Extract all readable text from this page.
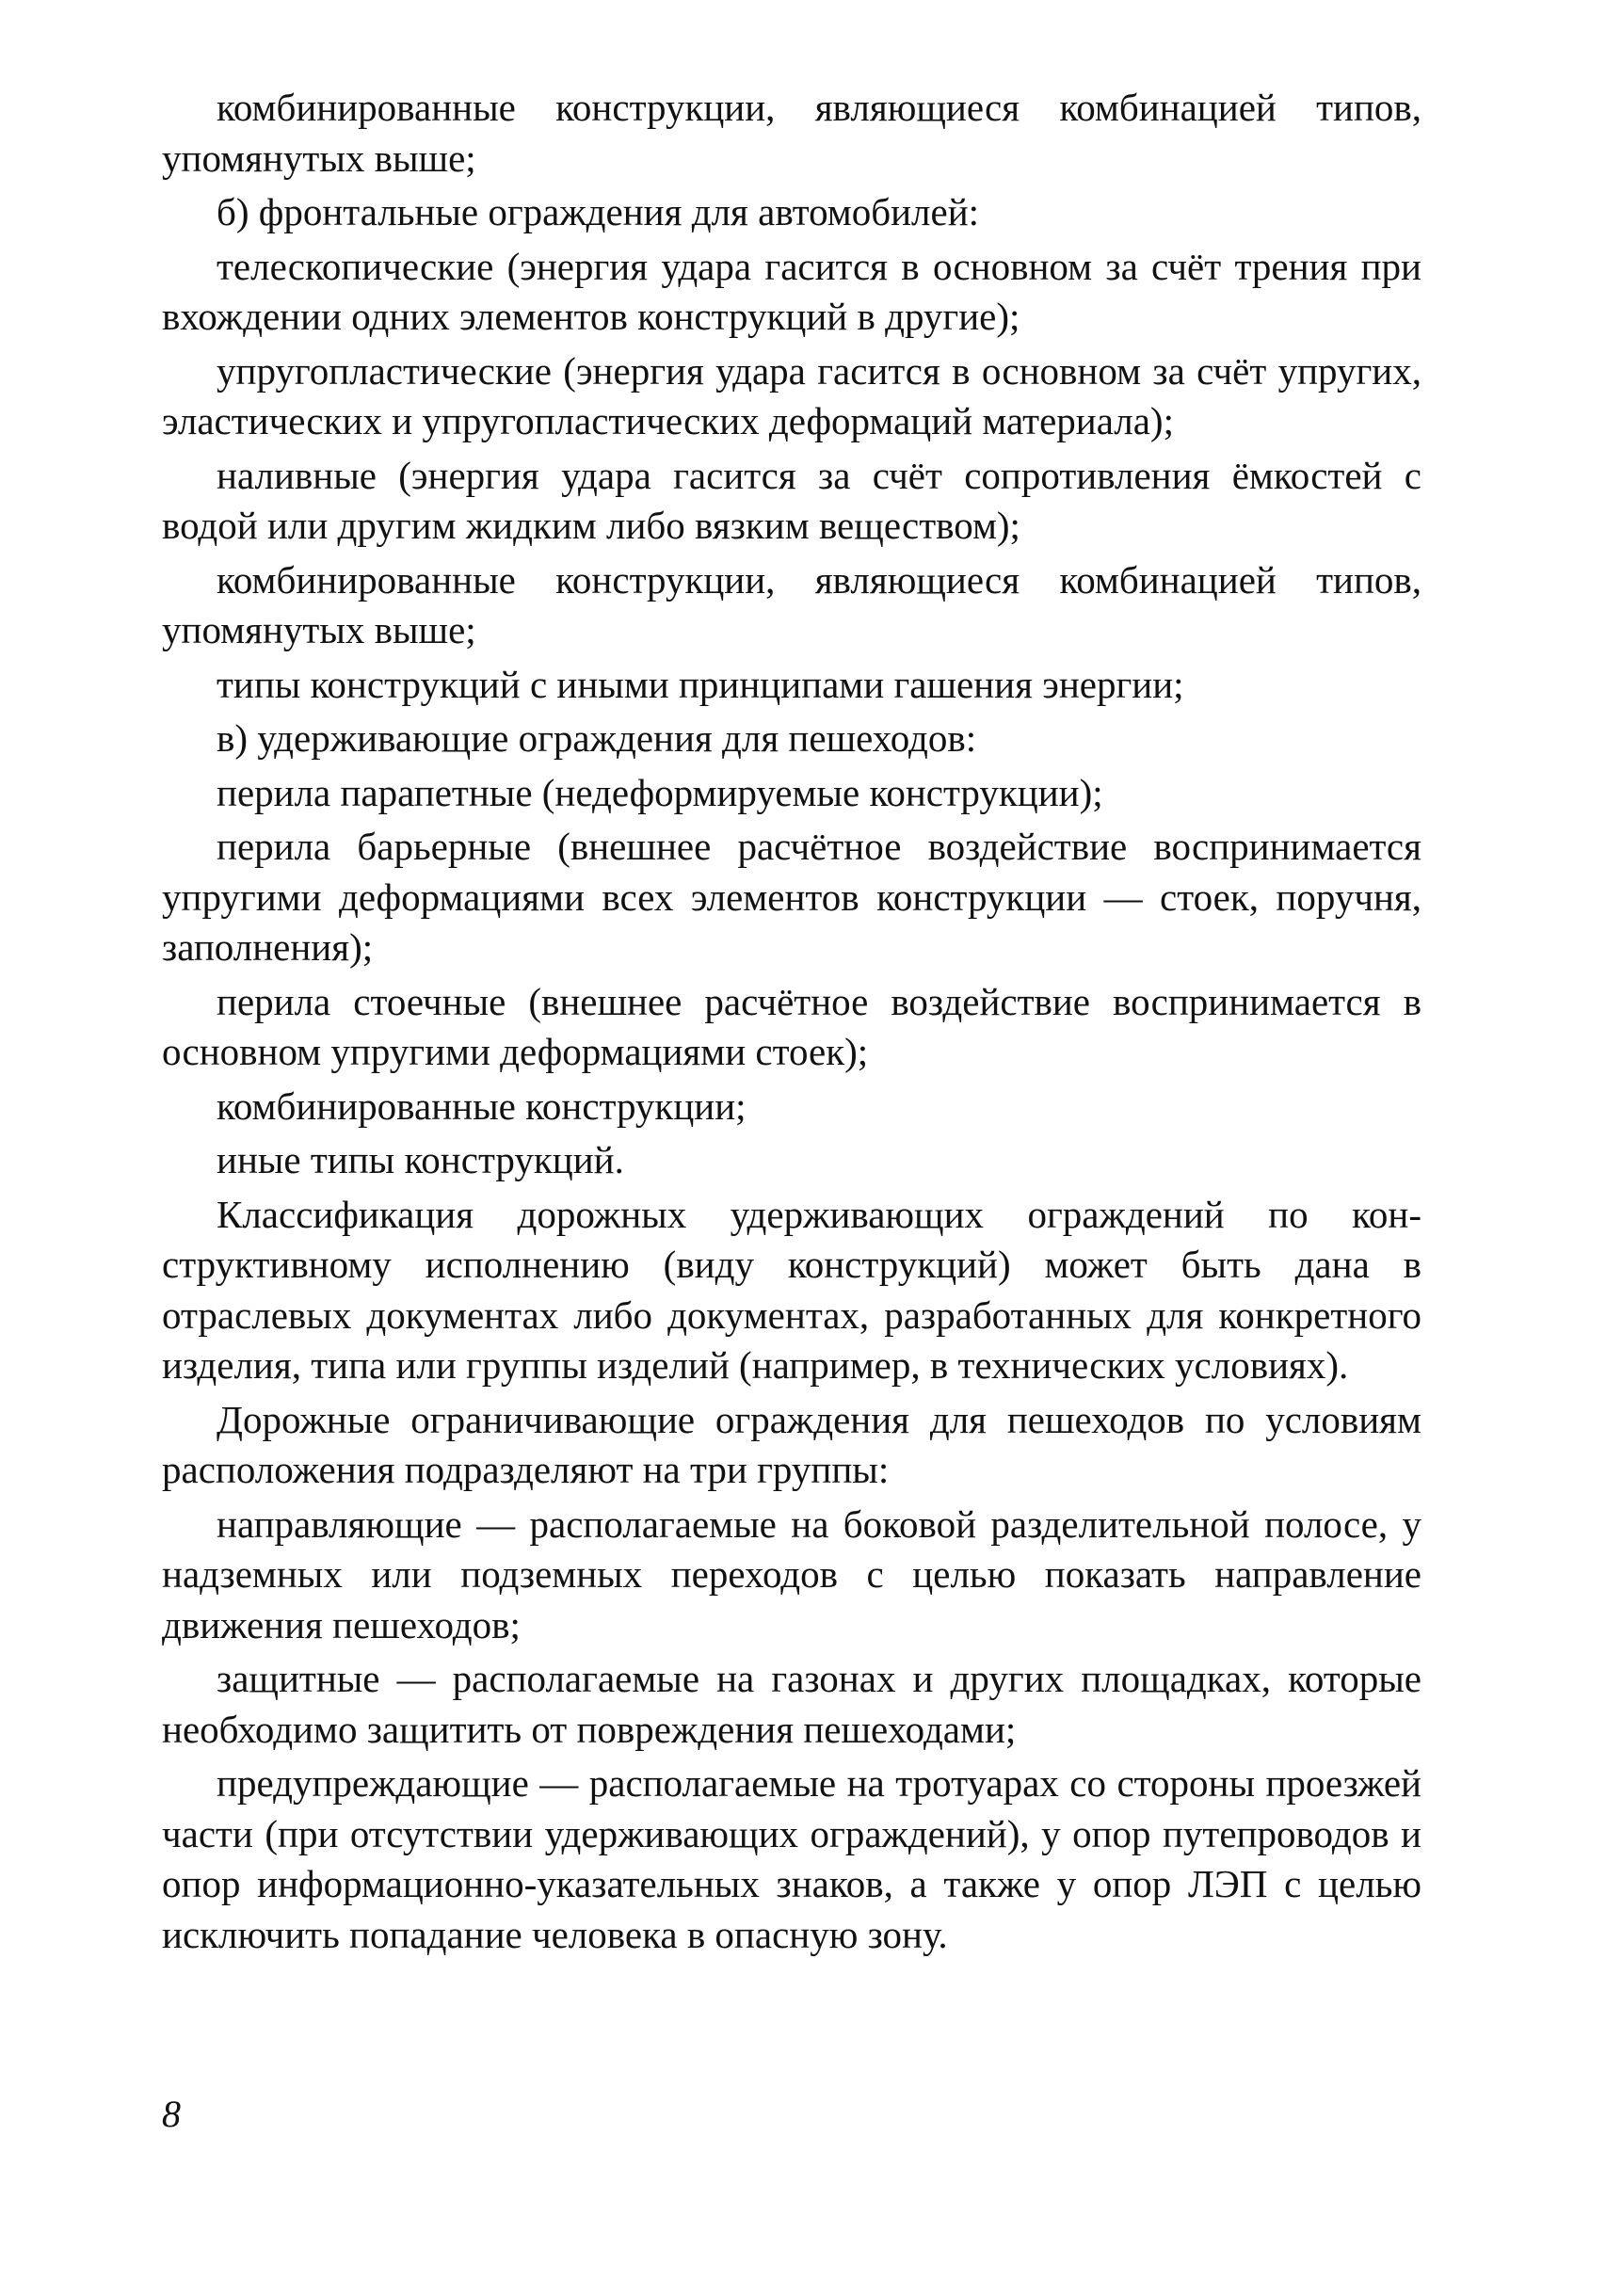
комбинированные конструкции, являющиеся комбинацией типов, упомянутых выше;

б) фронтальные ограждения для автомобилей:

телескопические (энергия удара гасится в основном за счёт трения при вхождении одних элементов конструкций в другие);

упругопластические (энергия удара гасится в основном за счёт упругих, эластических и упругопластических деформаций материала);

наливные (энергия удара гасится за счёт сопротивления ёмкостей с водой или другим жидким либо вязким веществом);

комбинированные конструкции, являющиеся комбинацией типов, упомянутых выше;

типы конструкций с иными принципами гашения энергии;

в) удерживающие ограждения для пешеходов:

перила парапетные (недеформируемые конструкции);

перила барьерные (внешнее расчётное воздействие воспринимается упругими деформациями всех элементов конструкции — стоек, поручня, заполнения);

перила стоечные (внешнее расчётное воздействие воспринимается в основном упругими деформациями стоек);

комбинированные конструкции;

иные типы конструкций.

Классификация дорожных удерживающих ограждений по конструктивному исполнению (виду конструкций) может быть дана в отраслевых документах либо документах, разработанных для конкретного изделия, типа или группы изделий (например, в технических условиях).

Дорожные ограничивающие ограждения для пешеходов по условиям расположения подразделяют на три группы:

направляющие — располагаемые на боковой разделительной полосе, у надземных или подземных переходов с целью показать направление движения пешеходов;

защитные — располагаемые на газонах и других площадках, которые необходимо защитить от повреждения пешеходами;

предупреждающие — располагаемые на тротуарах со стороны проезжей части (при отсутствии удерживающих ограждений), у опор путепроводов и опор информационно-указательных знаков, а также у опор ЛЭП с целью исключить попадание человека в опасную зону.

8
